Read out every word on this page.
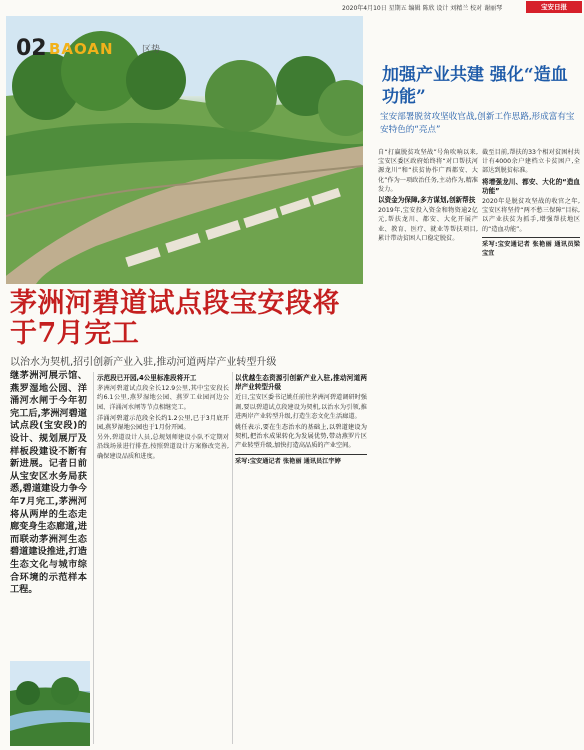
2020年4月10日 星期五 编辑 陈欣 设计 刘精兰 校对 谢丽琴	宝安日报
02 BAOAN	区势
茅洲河碧道试点段宝安段将于7月完工
以治水为契机,招引创新产业入驻,推动河道两岸产业转型升级
继茅洲河展示馆、燕罗湿地公园、洋涌河水闸于今年初完工后,茅洲河碧道试点段(宝安段)的设计、规划展厅及样板段建设不断有新进展。记者日前从宝安区水务局获悉,碧道建设力争今年7月完工,茅洲河将从两岸的生态走廊变身生态廊道,进而联动茅洲河生态碧道建设推进,打造生态文化与城市综合环境的示范样本工程。
示范段已开园,4公里标准段将开工
茅洲河碧道试点段全长12.9公里,其中宝安段长约6.1公里,燕罗湿地公园、燕罗工业园河边公园、洋涌河水闸等节点相继完工。
洋涌河碧道示范段全长约1.2公里,已于3月底开园,燕罗湿地公园也于1月份开园。
另外,碧道设计人员,总规划师建设小队不定期对沿线场景进行排查,按照碧道设计方案修改完善,确保建设品质和进度。
以优越生态资源引创新产业入驻,推动河道两岸产业转型升级
近日,宝安区委书记姚任前往茅洲河碧道调研时强调,要以碧道试点段建设为契机,以治水为引领,推进两岸产业转型升级,打造生态文化生活廊道。
姚任表示,要在生态治水的基础上,以碧道建设为契机,把治水成果转化为发展优势,带动燕罗片区产业转型升级,加快打造高品质的产业空间。
采写:宝安通记者 张艳丽 通讯员江宇婷
加强产业共建 强化“造血功能”
宝安部署脱贫攻坚收官战,创新工作思路,形成富有宝安特色的“亮点”
自“打赢脱贫攻坚战”号角吹响以来,宝安区委区政府始终将“对口帮扶河源龙川”和“扶贫协作广西都安、大化”作为一项政治任务,主动作为,精准发力。
以资金为保障,多方谋划,创新帮扶
2019年,宝安投入资金和物资逾2亿元,帮扶龙川、都安、大化开展产业、教育、医疗、就业等帮扶项目,累计带动贫困人口稳定脱贫。
截至目前,帮扶的33个相对贫困村共计有4000余户建档立卡贫困户,全部达到脱贫标准。
将增强龙川、都安、大化的“造血功能”
2020年是脱贫攻坚战的收官之年,宝安区将坚持“两不愁三保障”目标,以产业扶贫为抓手,增强帮扶地区的“造血功能”。
采写:宝安通记者 张艳丽 通讯员梁宝宜
